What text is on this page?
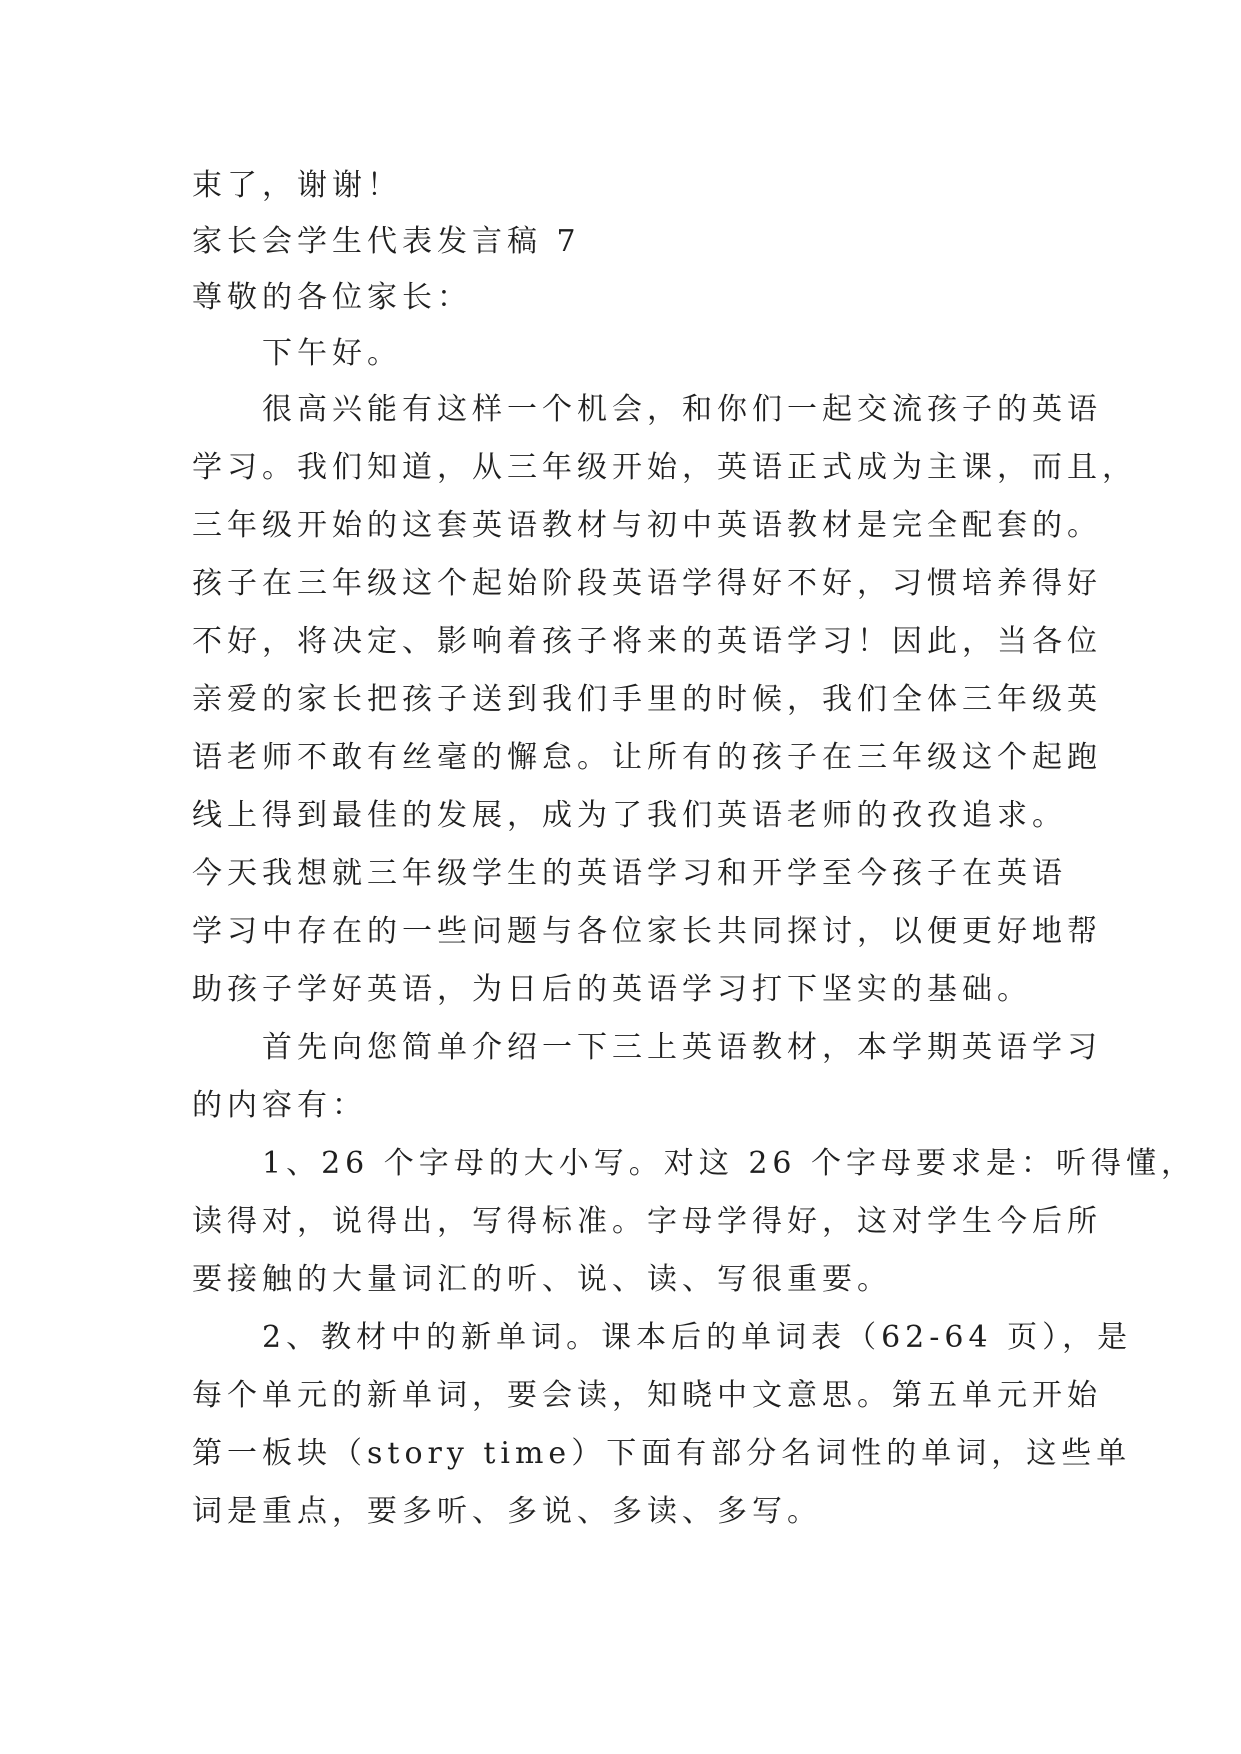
束了，谢谢！
家长会学生代表发言稿 7
尊敬的各位家长：
　　下午好。
　　很高兴能有这样一个机会，和你们一起交流孩子的英语
学习。我们知道，从三年级开始，英语正式成为主课，而且，
三年级开始的这套英语教材与初中英语教材是完全配套的。
孩子在三年级这个起始阶段英语学得好不好，习惯培养得好
不好，将决定、影响着孩子将来的英语学习！因此，当各位
亲爱的家长把孩子送到我们手里的时候，我们全体三年级英
语老师不敢有丝毫的懈怠。让所有的孩子在三年级这个起跑
线上得到最佳的发展，成为了我们英语老师的孜孜追求。
今天我想就三年级学生的英语学习和开学至今孩子在英语
学习中存在的一些问题与各位家长共同探讨，以便更好地帮
助孩子学好英语，为日后的英语学习打下坚实的基础。
　　首先向您简单介绍一下三上英语教材，本学期英语学习
的内容有：
　　1、26 个字母的大小写。对这 26 个字母要求是：听得懂，
读得对，说得出，写得标准。字母学得好，这对学生今后所
要接触的大量词汇的听、说、读、写很重要。
　　2、教材中的新单词。课本后的单词表（62-64 页），是
每个单元的新单词，要会读，知晓中文意思。第五单元开始
第一板块（story time）下面有部分名词性的单词，这些单
词是重点，要多听、多说、多读、多写。
